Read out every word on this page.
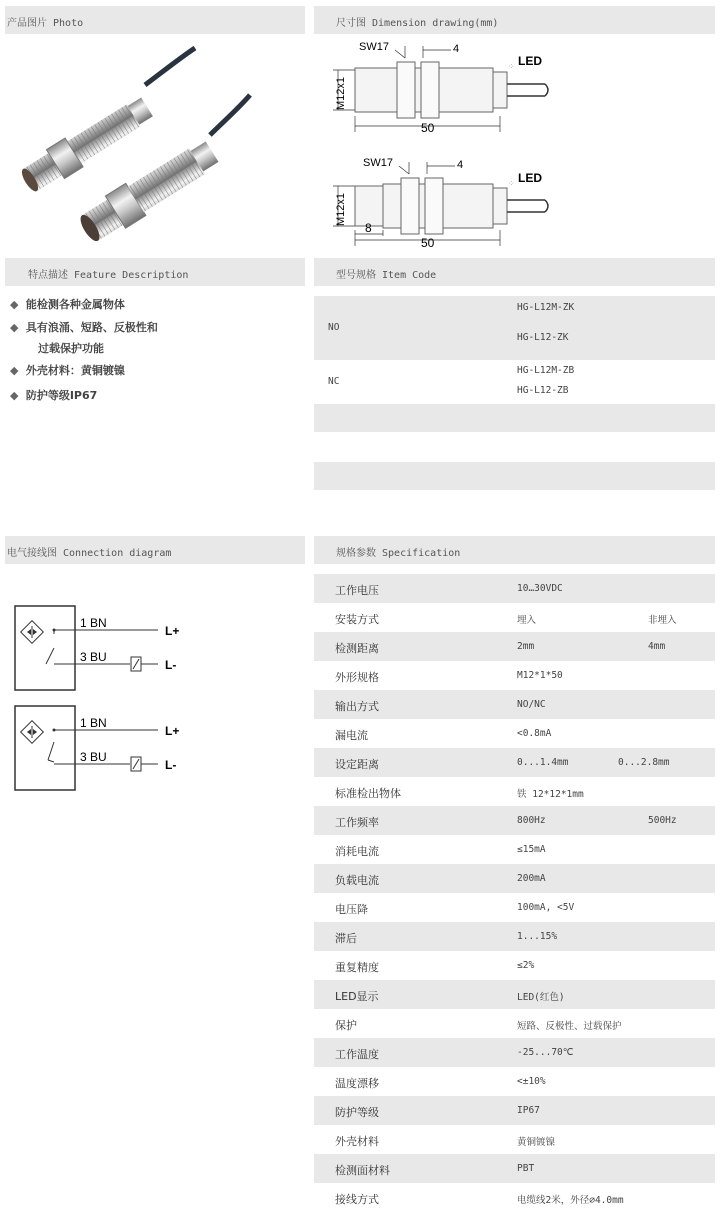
产品图片 Photo	尺寸图 Dimension drawing(mm)
SW17	4
LED
⁘
M12x1
50
SW17	4
LED
⁘
M12x1
8
50
特点描述 Feature Description	型号规格 Item Code
◆ 能检测各种金属物体
◆ 具有浪涌、短路、反极性和
过载保护功能
◆ 外壳材料：黄铜镀镍
◆ 防护等级IP67
NO
HG-L12M-ZK
HG-L12-ZK
NC
HG-L12M-ZB
HG-L12-ZB
电气接线图 Connection diagram	规格参数 Specification
1 BN
3 BU
L+
L-
1 BN
3 BU
L+
L-
工作电压	10…30VDC
安装方式	埋入	非埋入
检测距离	2mm	4mm
外形规格	M12*1*50
输出方式	NO/NC
漏电流	<0.8mA
设定距离	0...1.4mm	0...2.8mm
标准检出物体	铁 12*12*1mm
工作频率	800Hz	500Hz
消耗电流	≤15mA
负载电流	200mA
电压降	100mA, <5V
滞后	1...15%
重复精度	≤2%
LED显示	LED(红色)
保护	短路、反极性、过载保护
工作温度	-25...70℃
温度漂移	<±10%
防护等级	IP67
外壳材料	黄铜镀镍
检测面材料	PBT
接线方式	电缆线2米，外径⌀4.0mm
